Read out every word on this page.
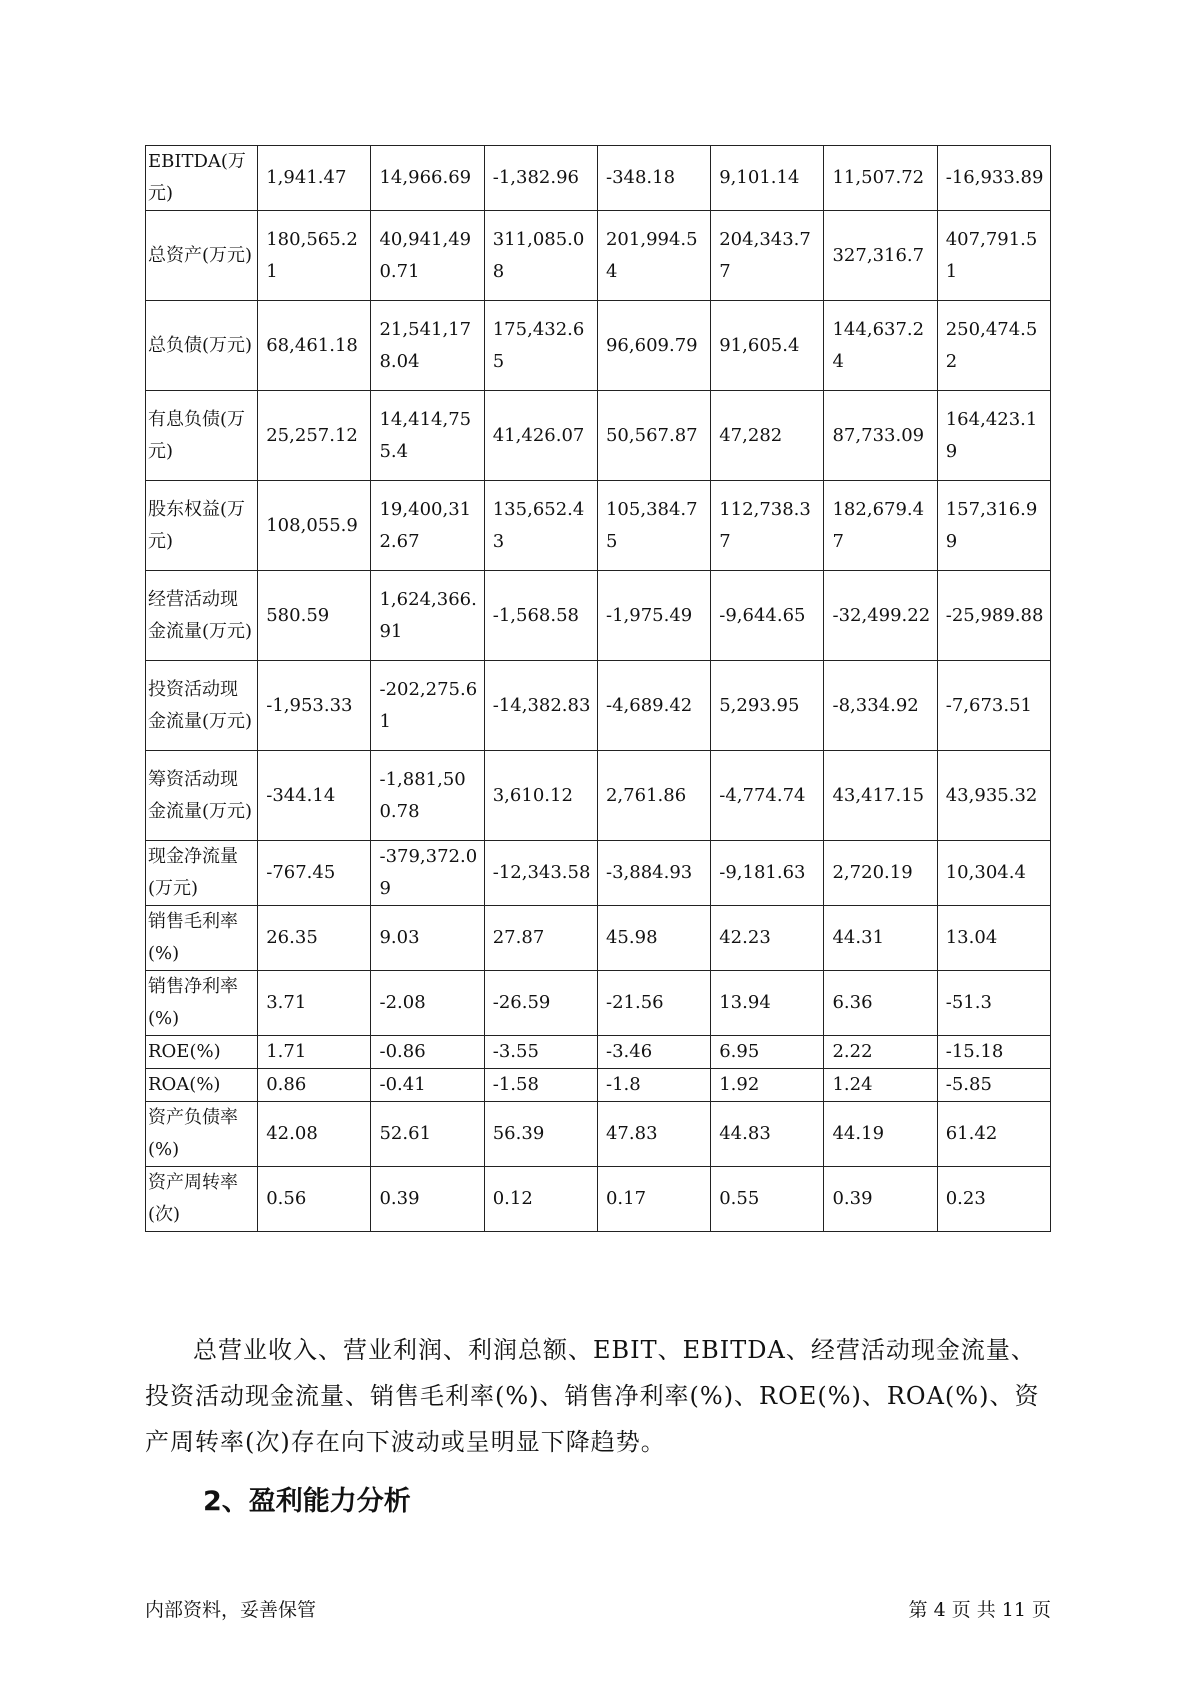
EBITDA(万元)	1,941.47	14,966.69	-1,382.96	-348.18	9,101.14	11,507.72	-16,933.89
总资产(万元)	180,565.21	40,941,490.71	311,085.08	201,994.54	204,343.77	327,316.7	407,791.51
总负债(万元)	68,461.18	21,541,178.04	175,432.65	96,609.79	91,605.4	144,637.24	250,474.52
有息负债(万元)	25,257.12	14,414,755.4	41,426.07	50,567.87	47,282	87,733.09	164,423.19
股东权益(万元)	108,055.9	19,400,312.67	135,652.43	105,384.75	112,738.37	182,679.47	157,316.99
经营活动现金流量(万元)	580.59	1,624,366.91	-1,568.58	-1,975.49	-9,644.65	-32,499.22	-25,989.88
投资活动现金流量(万元)	-1,953.33	-202,275.61	-14,382.83	-4,689.42	5,293.95	-8,334.92	-7,673.51
筹资活动现金流量(万元)	-344.14	-1,881,500.78	3,610.12	2,761.86	-4,774.74	43,417.15	43,935.32
现金净流量(万元)	-767.45	-379,372.09	-12,343.58	-3,884.93	-9,181.63	2,720.19	10,304.4
销售毛利率(%)	26.35	9.03	27.87	45.98	42.23	44.31	13.04
销售净利率(%)	3.71	-2.08	-26.59	-21.56	13.94	6.36	-51.3
ROE(%)	1.71	-0.86	-3.55	-3.46	6.95	2.22	-15.18
ROA(%)	0.86	-0.41	-1.58	-1.8	1.92	1.24	-5.85
资产负债率(%)	42.08	52.61	56.39	47.83	44.83	44.19	61.42
资产周转率(次)	0.56	0.39	0.12	0.17	0.55	0.39	0.23
总营业收入、营业利润、利润总额、EBIT、EBITDA、经营活动现金流量、投资活动现金流量、销售毛利率(%)、销售净利率(%)、ROE(%)、ROA(%)、资产周转率(次)存在向下波动或呈明显下降趋势。
2、盈利能力分析
内部资料，妥善保管	第 4 页 共 11 页
